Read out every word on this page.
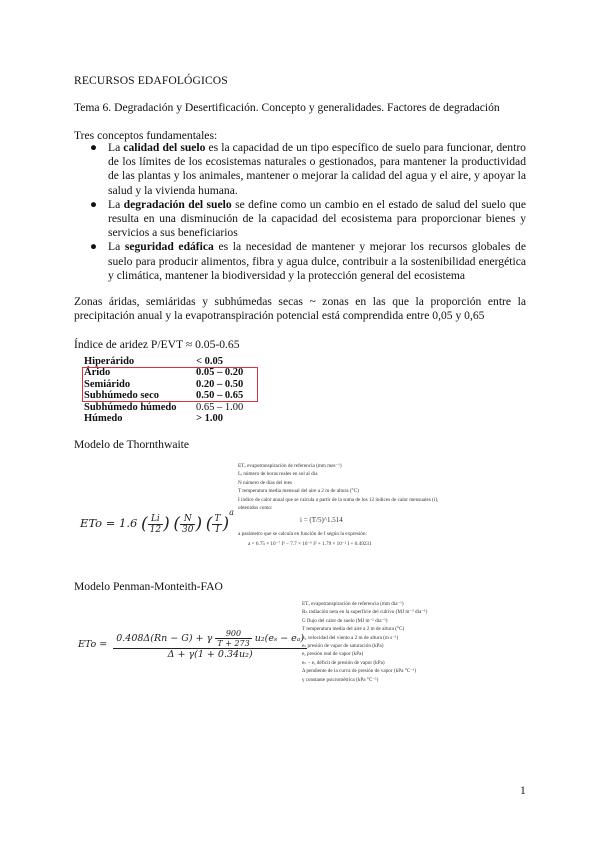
RECURSOS EDAFOLÓGICOS
Tema 6. Degradación y Desertificación. Concepto y generalidades. Factores de degradación
Tres conceptos fundamentales:
● La calidad del suelo es la capacidad de un tipo específico de suelo para funcionar, dentro de los límites de los ecosistemas naturales o gestionados, para mantener la productividad de las plantas y los animales, mantener o mejorar la calidad del agua y el aire, y apoyar la salud y la vivienda humana.
● La degradación del suelo se define como un cambio en el estado de salud del suelo que resulta en una disminución de la capacidad del ecosistema para proporcionar bienes y servicios a sus beneficiarios
● La seguridad edáfica es la necesidad de mantener y mejorar los recursos globales de suelo para producir alimentos, fibra y agua dulce, contribuir a la sostenibilidad energética y climática, mantener la biodiversidad y la protección general del ecosistema
Zonas áridas, semiáridas y subhúmedas secas ~ zonas en las que la proporción entre la precipitación anual y la evapotranspiración potencial está comprendida entre 0,05 y 0,65
Índice de aridez P/EVT ≈ 0.05-0.65
Hiperárido	< 0.05
Árido	0.05 – 0.20
Semiárido	0.20 – 0.50
Subhúmedo seco	0.50 – 0.65
Subhúmedo húmedo	0.65 – 1.00
Húmedo	> 1.00
Modelo de Thornthwaite
ETₒ evapotranspiración de referencia (mm mes⁻¹)
Lᵢ número de horas reales en sol al día
N número de días del mes
T temperatura media mensual del aire a 2 m de altura (°C)
I índice de calor anual que se calcula a partir de la suma de los 12 índices de calor mensuales (i),
obtenidos como:
i = (T/5)^1.514
a parámetro que se calcula en función de I según la expresión:
a = 6.75 × 10⁻⁷ I³ − 7.7 × 10⁻⁵ I² + 1.79 × 10⁻² I + 0.49231
ETo = 1.6 ( $\frac{Li}{12}$ ) ( $\frac{N}{30}$ ) ( $\frac{T}{I} )^a$
Modelo Penman-Monteith-FAO
ETₒ evapotranspiración de referencia (mm día⁻¹)
Rₙ radiación neta en la superficie del cultivo (MJ m⁻² día⁻¹)
G flujo del calor de suelo (MJ m⁻² día⁻¹)
T temperatura media del aire a 2 m de altura (°C)
u₂ velocidad del viento a 2 m de altura (m s⁻¹)
eₛ presión de vapor de saturación (kPa)
eₐ presión real de vapor (kPa)
eₛ − eₐ déficit de presión de vapor (kPa)
Δ pendiente de la curva de presión de vapor (kPa °C⁻¹)
γ constante psicrométrica (kPa °C⁻¹)
ETo = $\frac{0.408\Delta(Rn - G) + \gamma \frac{900}{T + 273} u_2(e_s - e_a)}{\text{Δ + γ(1 + 0.34u₂)}}$
1
